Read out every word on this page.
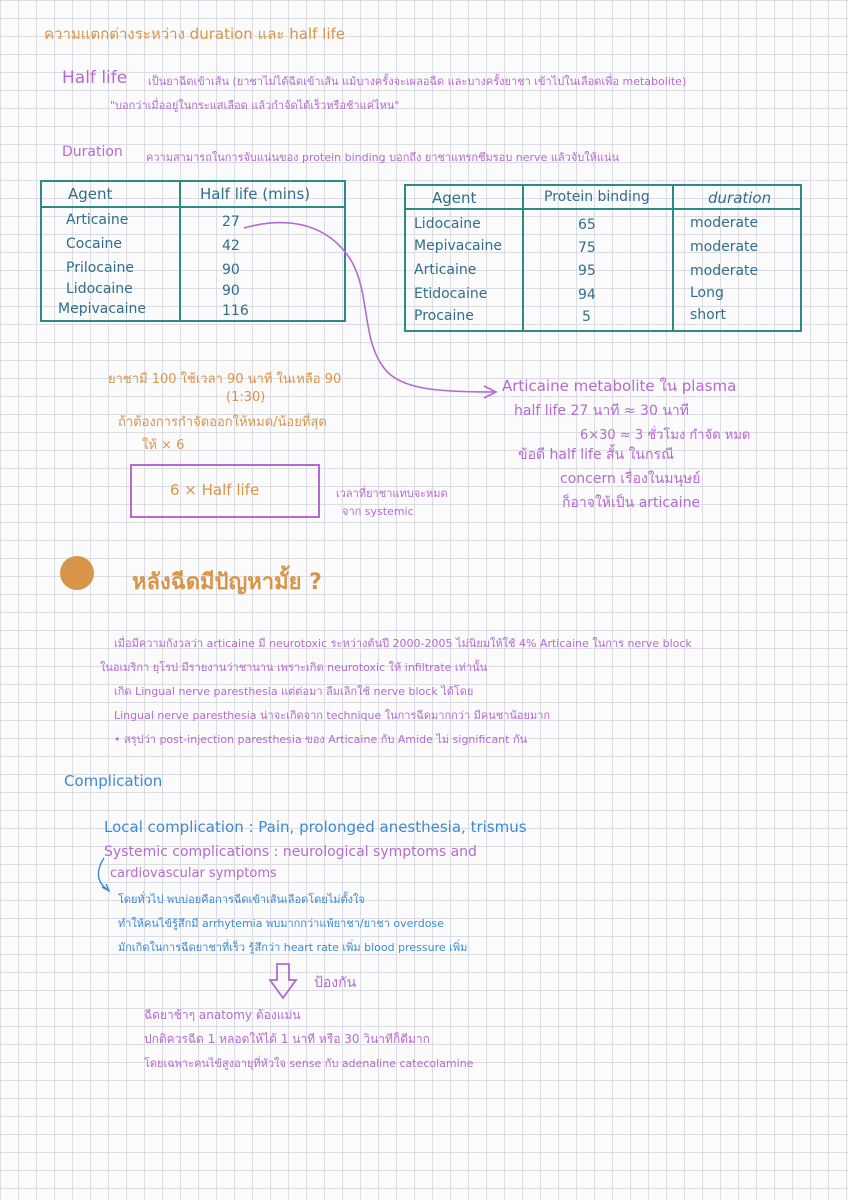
ความแตกต่างระหว่าง duration และ half life
Half life เป็นยาฉีดเข้าเส้น (ยาชาไม่ได้ฉีดเข้าเส้น แม้บางครั้งจะเผลอฉีด และบางครั้งยาชา เข้าไปในเลือดเพื่อ metabolite)
"บอกว่าเมื่ออยู่ในกระแสเลือด แล้วกำจัดได้เร็วหรือช้าแค่ไหน"
Duration ความสามารถในการจับแน่นของ protein binding บอกถึง ยาชาแทรกซึมรอบ nerve แล้วจับให้แน่น
Agent	Half life (mins)
Articaine	27
Cocaine	42
Prilocaine	90
Lidocaine	90
Mepivacaine	116
Agent	Protein binding	duration
Lidocaine	65	moderate
Mepivacaine	75	moderate
Articaine	95	moderate
Etidocaine	94	Long
Procaine	5	short
ยาชามี 100 ใช้เวลา 90 นาที ในเหลือ 90
(1:30)
ถ้าต้องการกำจัดออกให้หมด/น้อยที่สุด
ให้ × 6
6 × Half life	เวลาที่ยาชาแทบจะหมด
จาก systemic
Articaine metabolite ใน plasma
half life 27 นาที ≈ 30 นาที
6×30 ≈ 3 ชั่วโมง กำจัด หมด
ข้อดี half life สั้น ในกรณี
concern เรื่องในมนุษย์
ก็อาจให้เป็น articaine
หลังฉีดมีปัญหามั้ย ?
เมื่อมีความกังวลว่า articaine มี neurotoxic ระหว่างต้นปี 2000-2005 ไม่นิยมให้ใช้ 4% Articaine ในการ nerve block
ในอเมริกา ยุโรป มีรายงานว่าชานาน เพราะเกิด neurotoxic ให้ infiltrate เท่านั้น
เกิด Lingual nerve paresthesia แต่ต่อมา ลืมเลิกใช้ nerve block ได้โดย
Lingual nerve paresthesia น่าจะเกิดจาก technique ในการฉีดมากกว่า มีคนชาน้อยมาก
• สรุปว่า post-injection paresthesia ของ Articaine กับ Amide ไม่ significant กัน
Complication
Local complication : Pain, prolonged anesthesia, trismus
Systemic complications : neurological symptoms and
cardiovascular symptoms
โดยทั่วไป พบบ่อยคือการฉีดเข้าเส้นเลือดโดยไม่ตั้งใจ
ทำให้คนไข้รู้สึกมี arrhytemia พบมากกว่าแพ้ยาชา/ยาชา overdose
มักเกิดในการฉีดยาชาที่เร็ว รู้สึกว่า heart rate เพิ่ม blood pressure เพิ่ม
ป้องกัน
ฉีดยาช้าๆ anatomy ต้องแม่น
ปกติควรฉีด 1 หลอดให้ได้ 1 นาที หรือ 30 วินาทีก็ดีมาก
โดยเฉพาะคนไข้สูงอายุที่หัวใจ sense กับ adenaline catecolamine
